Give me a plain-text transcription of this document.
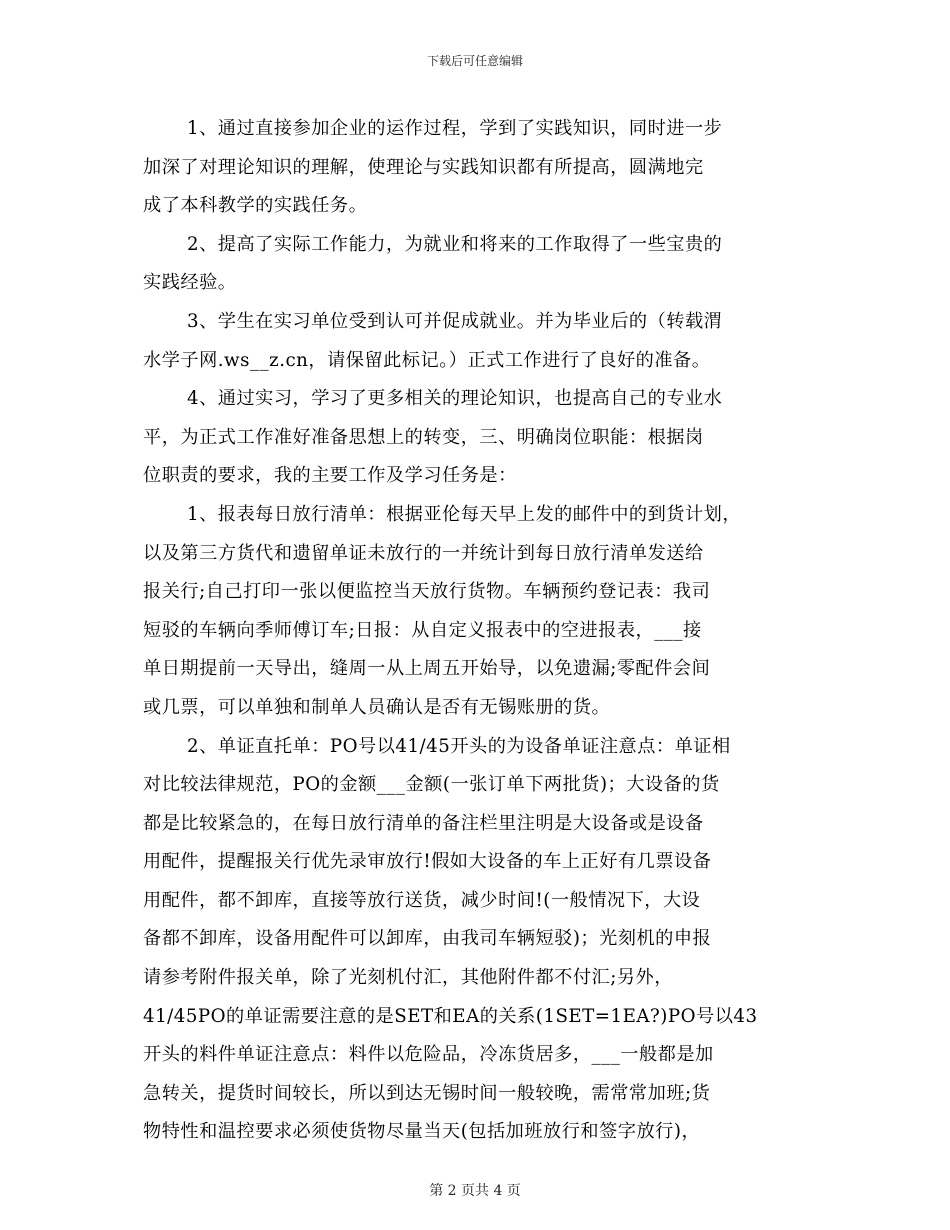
下载后可任意编辑
1、通过直接参加企业的运作过程，学到了实践知识，同时进一步
加深了对理论知识的理解，使理论与实践知识都有所提高，圆满地完
成了本科教学的实践任务。
2、提高了实际工作能力，为就业和将来的工作取得了一些宝贵的
实践经验。
3、学生在实习单位受到认可并促成就业。并为毕业后的（转载渭
水学子网.ws__z.cn，请保留此标记。）正式工作进行了良好的准备。
4、通过实习，学习了更多相关的理论知识，也提高自己的专业水
平，为正式工作准好准备思想上的转变，三、明确岗位职能：根据岗
位职责的要求，我的主要工作及学习任务是：
1、报表每日放行清单：根据亚伦每天早上发的邮件中的到货计划，
以及第三方货代和遗留单证未放行的一并统计到每日放行清单发送给
报关行;自己打印一张以便监控当天放行货物。车辆预约登记表：我司
短驳的车辆向季师傅订车;日报：从自定义报表中的空进报表，___接
单日期提前一天导出，缝周一从上周五开始导，以免遗漏;零配件会间
或几票，可以单独和制单人员确认是否有无锡账册的货。
2、单证直托单：PO号以41/45开头的为设备单证注意点：单证相
对比较法律规范，PO的金额___金额(一张订单下两批货)；大设备的货
都是比较紧急的，在每日放行清单的备注栏里注明是大设备或是设备
用配件，提醒报关行优先录审放行!假如大设备的车上正好有几票设备
用配件，都不卸库，直接等放行送货，减少时间!(一般情况下，大设
备都不卸库，设备用配件可以卸库，由我司车辆短驳)；光刻机的申报
请参考附件报关单，除了光刻机付汇，其他附件都不付汇;另外，
41/45PO的单证需要注意的是SET和EA的关系(1SET=1EA?)PO号以43
开头的料件单证注意点：料件以危险品，冷冻货居多，___一般都是加
急转关，提货时间较长，所以到达无锡时间一般较晚，需常常加班;货
物特性和温控要求必须使货物尽量当天(包括加班放行和签字放行)，
第 2 页共 4 页
